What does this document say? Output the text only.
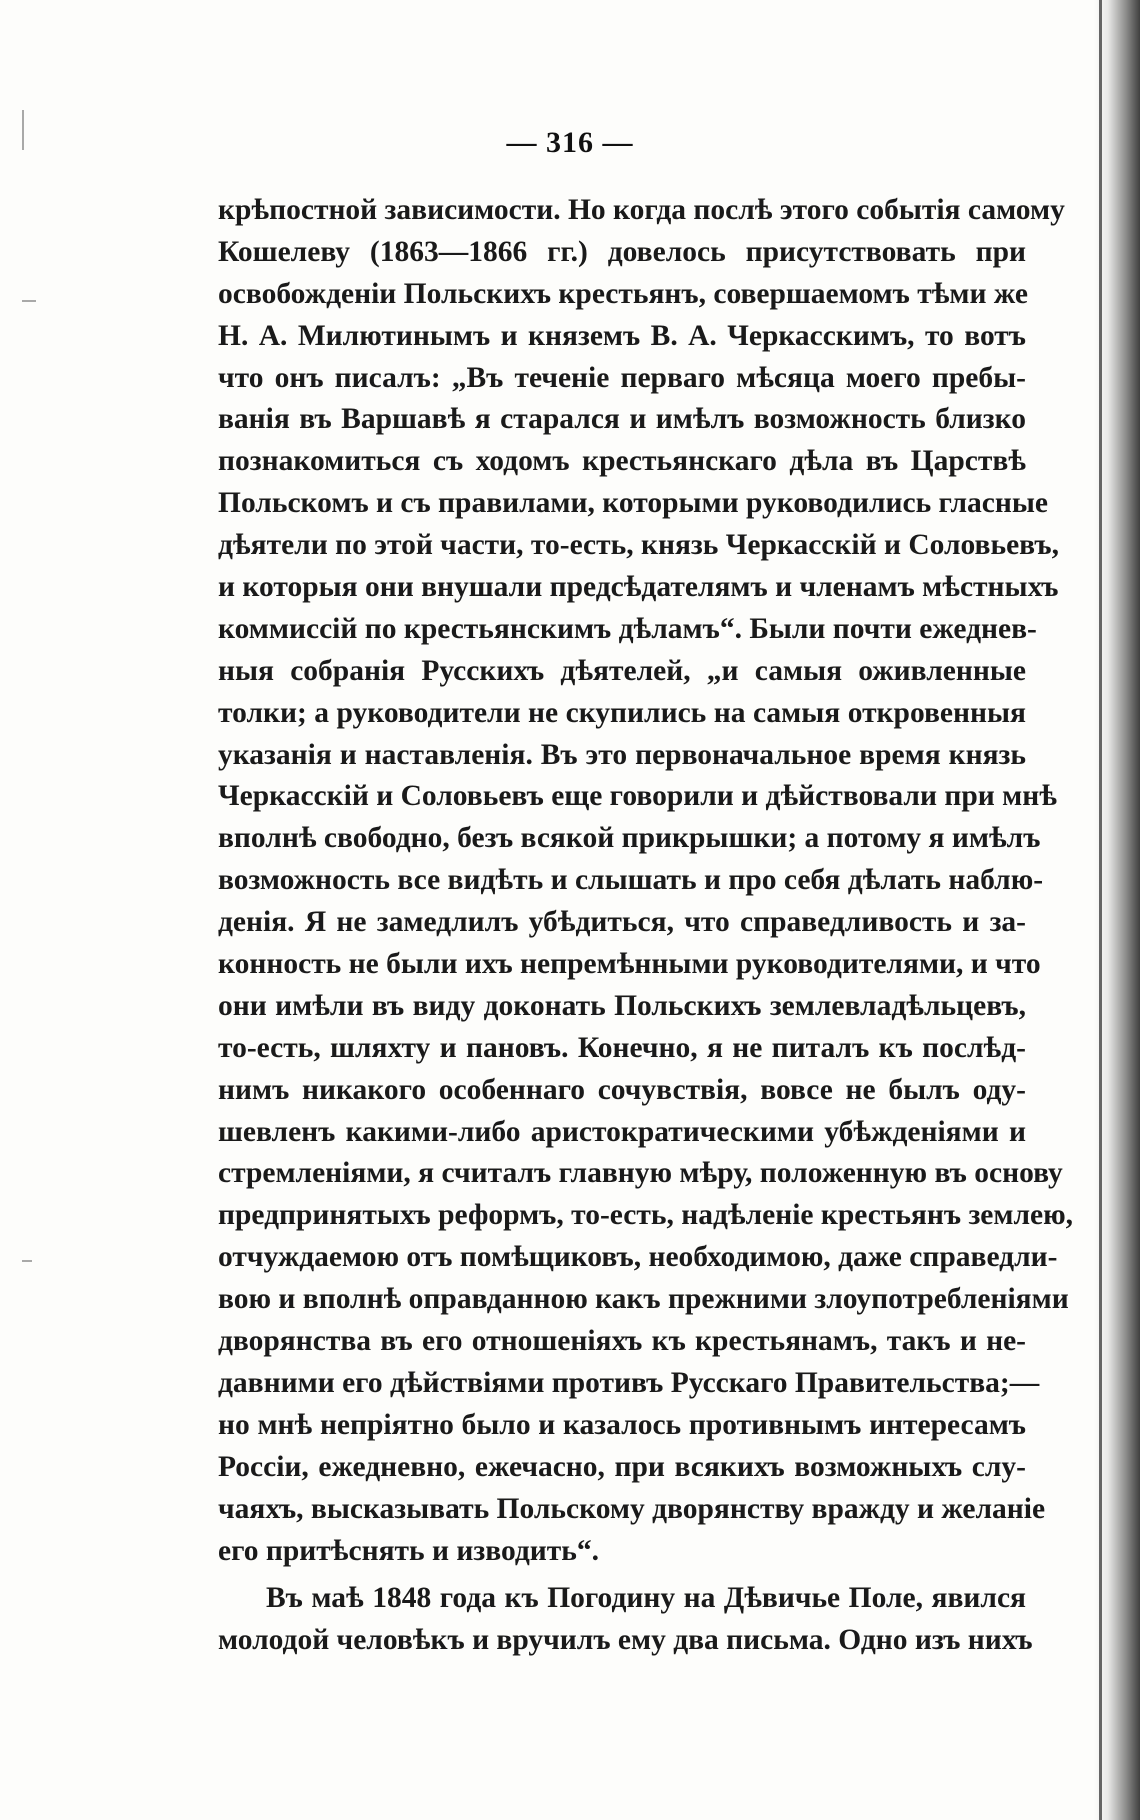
— 316 —
крѣпостной зависимости. Но когда послѣ этого событія самому
Кошелеву (1863—1866 гг.) довелось присутствовать при
освобожденіи Польскихъ крестьянъ, совершаемомъ тѣми же
Н. А. Милютинымъ и княземъ В. А. Черкасскимъ, то вотъ
что онъ писалъ: „Въ теченіе перваго мѣсяца моего пребы-
ванія въ Варшавѣ я старался и имѣлъ возможность близко
познакомиться съ ходомъ крестьянскаго дѣла въ Царствѣ
Польскомъ и съ правилами, которыми руководились гласные
дѣятели по этой части, то-есть, князь Черкасскій и Соловьевъ,
и которыя они внушали предсѣдателямъ и членамъ мѣстныхъ
коммиссій по крестьянскимъ дѣламъ“. Были почти ежеднев-
ныя собранія Русскихъ дѣятелей, „и самыя оживленные
толки; а руководители не скупились на самыя откровенныя
указанія и наставленія. Въ это первоначальное время князь
Черкасскій и Соловьевъ еще говорили и дѣйствовали при мнѣ
вполнѣ свободно, безъ всякой прикрышки; а потому я имѣлъ
возможность все видѣть и слышать и про себя дѣлать наблю-
денія. Я не замедлилъ убѣдиться, что справедливость и за-
конность не были ихъ непремѣнными руководителями, и что
они имѣли въ виду доконать Польскихъ землевладѣльцевъ,
то-есть, шляхту и пановъ. Конечно, я не питалъ къ послѣд-
нимъ никакого особеннаго сочувствія, вовсе не былъ оду-
шевленъ какими-либо аристократическими убѣжденіями и
стремленіями, я считалъ главную мѣру, положенную въ основу
предпринятыхъ реформъ, то-есть, надѣленіе крестьянъ землею,
отчуждаемою отъ помѣщиковъ, необходимою, даже справедли-
вою и вполнѣ оправданною какъ прежними злоупотребленіями
дворянства въ его отношеніяхъ къ крестьянамъ, такъ и не-
давними его дѣйствіями противъ Русскаго Правительства;—
но мнѣ непріятно было и казалось противнымъ интересамъ
Россіи, ежедневно, ежечасно, при всякихъ возможныхъ слу-
чаяхъ, высказывать Польскому дворянству вражду и желаніе
его притѣснять и изводить“.
Въ маѣ 1848 года къ Погодину на Дѣвичье Поле, явился
молодой человѣкъ и вручилъ ему два письма. Одно изъ нихъ
